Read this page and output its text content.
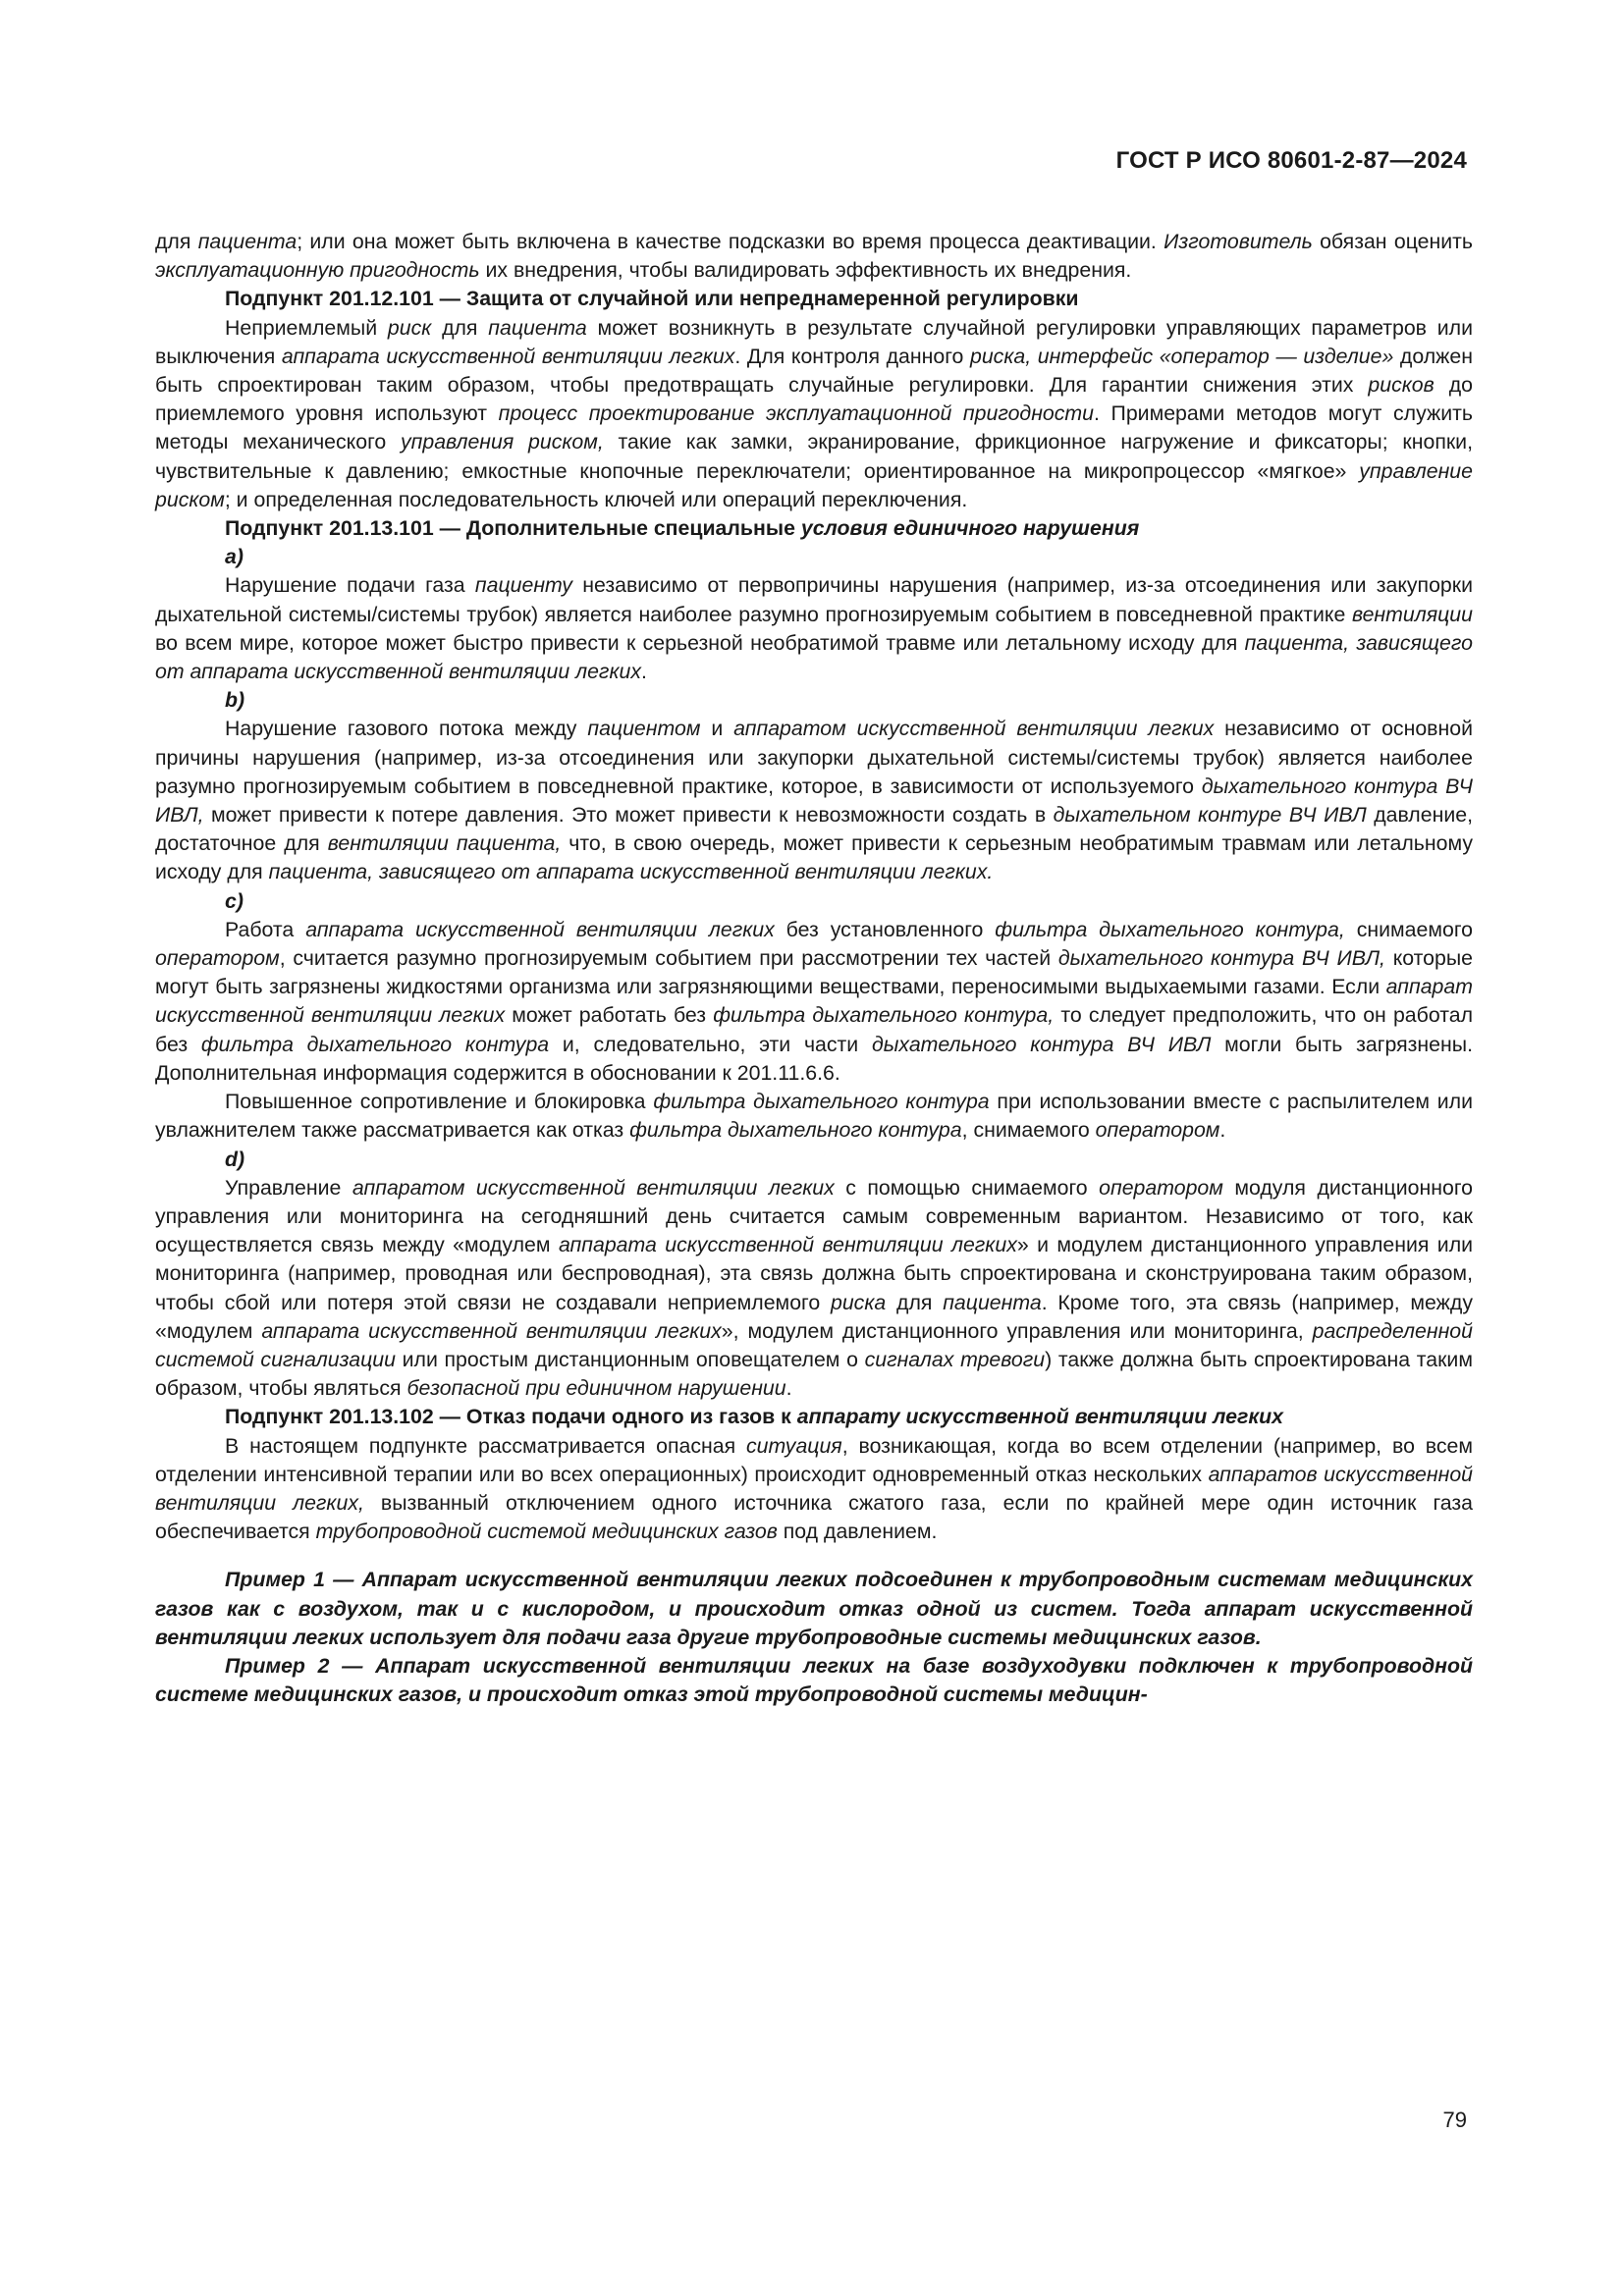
ГОСТ Р ИСО 80601-2-87—2024

для пациента; или она может быть включена в качестве подсказки во время процесса деактивации. Изготовитель обязан оценить эксплуатационную пригодность их внедрения, чтобы валидировать эффективность их внедрения.

Подпункт 201.12.101 — Защита от случайной или непреднамеренной регулировки

Неприемлемый риск для пациента может возникнуть в результате случайной регулировки управляющих параметров или выключения аппарата искусственной вентиляции легких. Для контроля данного риска, интерфейс «оператор — изделие» должен быть спроектирован таким образом, чтобы предотвращать случайные регулировки. Для гарантии снижения этих рисков до приемлемого уровня используют процесс проектирование эксплуатационной пригодности. Примерами методов могут служить методы механического управления риском, такие как замки, экранирование, фрикционное нагружение и фиксаторы; кнопки, чувствительные к давлению; емкостные кнопочные переключатели; ориентированное на микропроцессор «мягкое» управление риском; и определенная последовательность ключей или операций переключения.

Подпункт 201.13.101 — Дополнительные специальные условия единичного нарушения

a)

Нарушение подачи газа пациенту независимо от первопричины нарушения (например, из-за отсоединения или закупорки дыхательной системы/системы трубок) является наиболее разумно прогнозируемым событием в повседневной практике вентиляции во всем мире, которое может быстро привести к серьезной необратимой травме или летальному исходу для пациента, зависящего от аппарата искусственной вентиляции легких.

b)

Нарушение газового потока между пациентом и аппаратом искусственной вентиляции легких независимо от основной причины нарушения (например, из-за отсоединения или закупорки дыхательной системы/системы трубок) является наиболее разумно прогнозируемым событием в повседневной практике, которое, в зависимости от используемого дыхательного контура ВЧ ИВЛ, может привести к потере давления. Это может привести к невозможности создать в дыхательном контуре ВЧ ИВЛ давление, достаточное для вентиляции пациента, что, в свою очередь, может привести к серьезным необратимым травмам или летальному исходу для пациента, зависящего от аппарата искусственной вентиляции легких.

c)

Работа аппарата искусственной вентиляции легких без установленного фильтра дыхательного контура, снимаемого оператором, считается разумно прогнозируемым событием при рассмотрении тех частей дыхательного контура ВЧ ИВЛ, которые могут быть загрязнены жидкостями организма или загрязняющими веществами, переносимыми выдыхаемыми газами. Если аппарат искусственной вентиляции легких может работать без фильтра дыхательного контура, то следует предположить, что он работал без фильтра дыхательного контура и, следовательно, эти части дыхательного контура ВЧ ИВЛ могли быть загрязнены. Дополнительная информация содержится в обосновании к 201.11.6.6.

Повышенное сопротивление и блокировка фильтра дыхательного контура при использовании вместе с распылителем или увлажнителем также рассматривается как отказ фильтра дыхательного контура, снимаемого оператором.

d)

Управление аппаратом искусственной вентиляции легких с помощью снимаемого оператором модуля дистанционного управления или мониторинга на сегодняшний день считается самым современным вариантом. Независимо от того, как осуществляется связь между «модулем аппарата искусственной вентиляции легких» и модулем дистанционного управления или мониторинга (например, проводная или беспроводная), эта связь должна быть спроектирована и сконструирована таким образом, чтобы сбой или потеря этой связи не создавали неприемлемого риска для пациента. Кроме того, эта связь (например, между «модулем аппарата искусственной вентиляции легких», модулем дистанционного управления или мониторинга, распределенной системой сигнализации или простым дистанционным оповещателем о сигналах тревоги) также должна быть спроектирована таким образом, чтобы являться безопасной при единичном нарушении.

Подпункт 201.13.102 — Отказ подачи одного из газов к аппарату искусственной вентиляции легких

В настоящем подпункте рассматривается опасная ситуация, возникающая, когда во всем отделении (например, во всем отделении интенсивной терапии или во всех операционных) происходит одновременный отказ нескольких аппаратов искусственной вентиляции легких, вызванный отключением одного источника сжатого газа, если по крайней мере один источник газа обеспечивается трубопроводной системой медицинских газов под давлением.

Пример 1 — Аппарат искусственной вентиляции легких подсоединен к трубопроводным системам медицинских газов как с воздухом, так и с кислородом, и происходит отказ одной из систем. Тогда аппарат искусственной вентиляции легких использует для подачи газа другие трубопроводные системы медицинских газов.

Пример 2 — Аппарат искусственной вентиляции легких на базе воздуходувки подключен к трубопроводной системе медицинских газов, и происходит отказ этой трубопроводной системы медицин-

79
